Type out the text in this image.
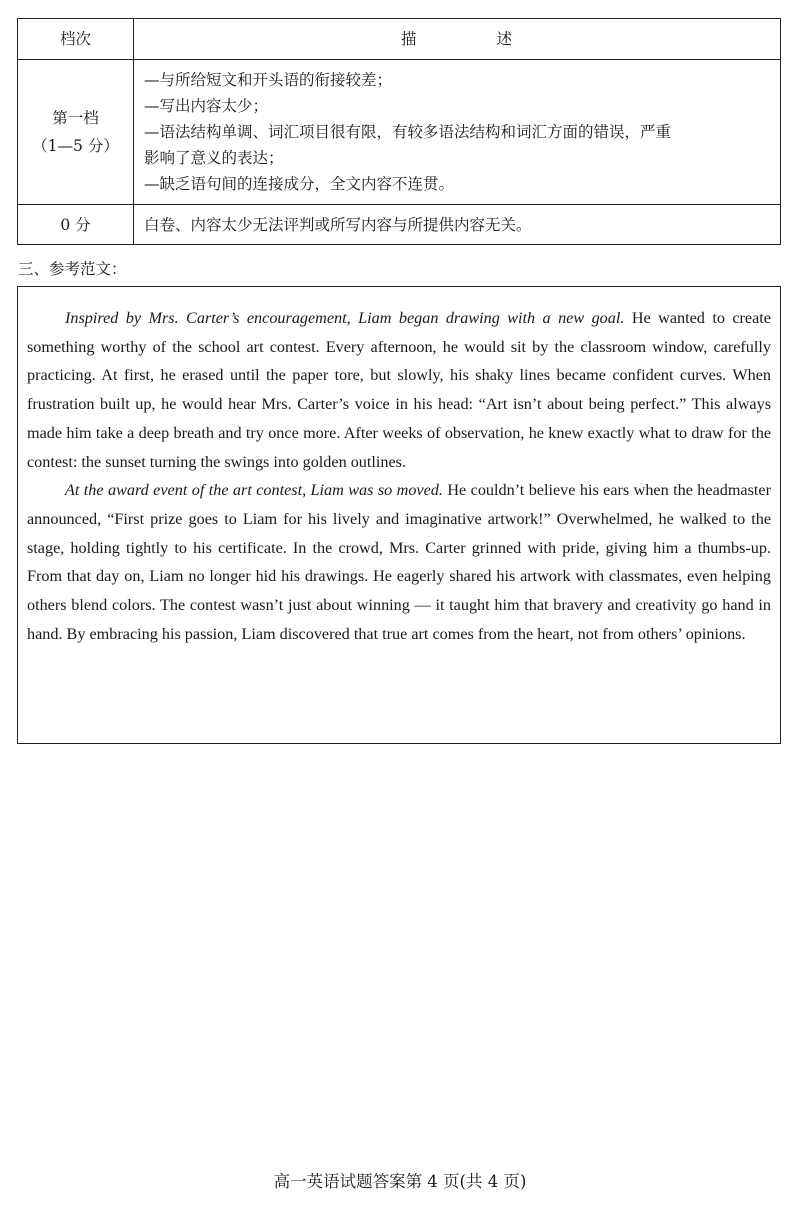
档次	描述

第一档
（1—5 分）	—与所给短文和开头语的衔接较差；
—写出内容太少；
—语法结构单调、词汇项目很有限，有较多语法结构和词汇方面的错误，严重
影响了意义的表达；
—缺乏语句间的连接成分，全文内容不连贯。

0 分	白卷、内容太少无法评判或所写内容与所提供内容无关。
三、参考范文：

Inspired by Mrs. Carter’s encouragement, Liam began drawing with a new goal. He wanted to create something worthy of the school art contest. Every afternoon, he would sit by the classroom window, carefully practicing. At first, he erased until the paper tore, but slowly, his shaky lines became confident curves. When frustration built up, he would hear Mrs. Carter’s voice in his head: “Art isn’t about being perfect.” This always made him take a deep breath and try once more. After weeks of observation, he knew exactly what to draw for the contest: the sunset turning the swings into golden outlines.

At the award event of the art contest, Liam was so moved. He couldn’t believe his ears when the headmaster announced, “First prize goes to Liam for his lively and imaginative artwork!” Overwhelmed, he walked to the stage, holding tightly to his certificate. In the crowd, Mrs. Carter grinned with pride, giving him a thumbs-up. From that day on, Liam no longer hid his drawings. He eagerly shared his artwork with classmates, even helping others blend colors. The contest wasn’t just about winning — it taught him that bravery and creativity go hand in hand. By embracing his passion, Liam discovered that true art comes from the heart, not from others’ opinions.

高一英语试题答案第 4 页(共 4 页)
